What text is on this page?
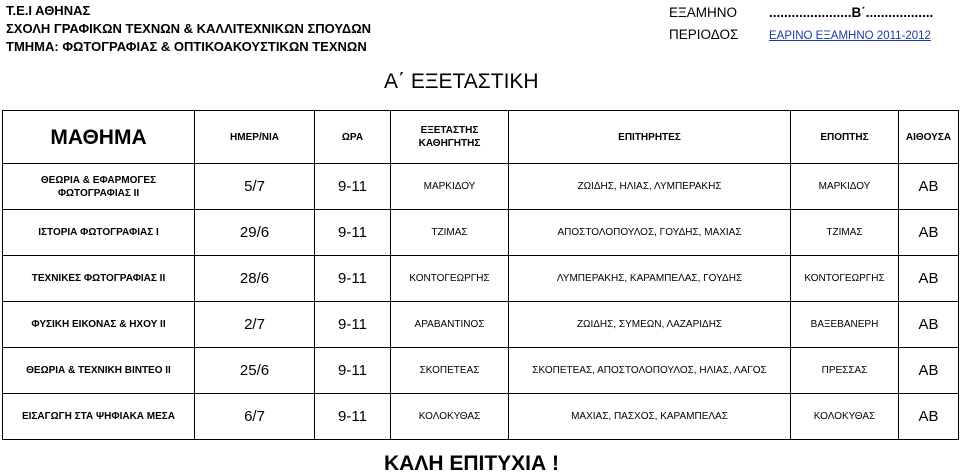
Τ.Ε.Ι ΑΘΗΝΑΣ
ΣΧΟΛΗ ΓΡΑΦΙΚΩΝ ΤΕΧΝΩΝ & ΚΑΛΛΙΤΕΧΝΙΚΩΝ ΣΠΟΥΔΩΝ
ΤΜΗΜΑ: ΦΩΤΟΓΡΑΦΙΑΣ & ΟΠΤΙΚΟΑΚΟΥΣΤΙΚΩΝ ΤΕΧΝΩΝ
ΕΞΑΜΗΝΟ ......................Β΄..................
ΠΕΡΙΟΔΟΣ	ΕΑΡΙΝΟ ΕΞΑΜΗΝΟ 2011-2012
Α΄ ΕΞΕΤΑΣΤΙΚΗ
ΜΑΘΗΜΑ	ΗΜΕΡ/ΝΙΑ	ΩΡΑ	ΕΞΕΤΑΣΤΗΣ
ΚΑΘΗΓΗΤΗΣ	ΕΠΙΤΗΡΗΤΕΣ	ΕΠΟΠΤΗΣ	ΑΙΘΟΥΣΑ

ΘΕΩΡΙΑ & ΕΦΑΡΜΟΓΕΣ
ΦΩΤΟΓΡΑΦΙΑΣ ΙΙ	5/7	9-11	ΜΑΡΚΙΔΟΥ	ΖΩΙΔΗΣ, ΗΛΙΑΣ, ΛΥΜΠΕΡΑΚΗΣ	ΜΑΡΚΙΔΟΥ	ΑΒ
ΙΣΤΟΡΙΑ ΦΩΤΟΓΡΑΦΙΑΣ Ι	29/6	9-11	ΤΖΙΜΑΣ	ΑΠΟΣΤΟΛΟΠΟΥΛΟΣ, ΓΟΥΔΗΣ, ΜΑΧΙΑΣ	ΤΖΙΜΑΣ	ΑΒ
ΤΕΧΝΙΚΕΣ ΦΩΤΟΓΡΑΦΙΑΣ ΙΙ	28/6	9-11	ΚΟΝΤΟΓΕΩΡΓΗΣ	ΛΥΜΠΕΡΑΚΗΣ, ΚΑΡΑΜΠΕΛΑΣ, ΓΟΥΔΗΣ	ΚΟΝΤΟΓΕΩΡΓΗΣ	ΑΒ
ΦΥΣΙΚΗ ΕΙΚΟΝΑΣ & ΗΧΟΥ ΙΙ	2/7	9-11	ΑΡΑΒΑΝΤΙΝΟΣ	ΖΩΙΔΗΣ, ΣΥΜΕΩΝ, ΛΑΖΑΡΙΔΗΣ	ΒΑΞΕΒΑΝΕΡΗ	ΑΒ
ΘΕΩΡΙΑ & ΤΕΧΝΙΚΗ ΒΙΝΤΕΟ ΙΙ	25/6	9-11	ΣΚΟΠΕΤΕΑΣ	ΣΚΟΠΕΤΕΑΣ, ΑΠΟΣΤΟΛΟΠΟΥΛΟΣ, ΗΛΙΑΣ, ΛΑΓΟΣ	ΠΡΕΣΣΑΣ	ΑΒ
ΕΙΣΑΓΩΓΗ ΣΤΑ ΨΗΦΙΑΚΑ ΜΕΣΑ	6/7	9-11	ΚΟΛΟΚΥΘΑΣ	ΜΑΧΙΑΣ, ΠΑΣΧΟΣ, ΚΑΡΑΜΠΕΛΑΣ	ΚΟΛΟΚΥΘΑΣ	ΑΒ
ΚΑΛΗ ΕΠΙΤΥΧΙΑ !
